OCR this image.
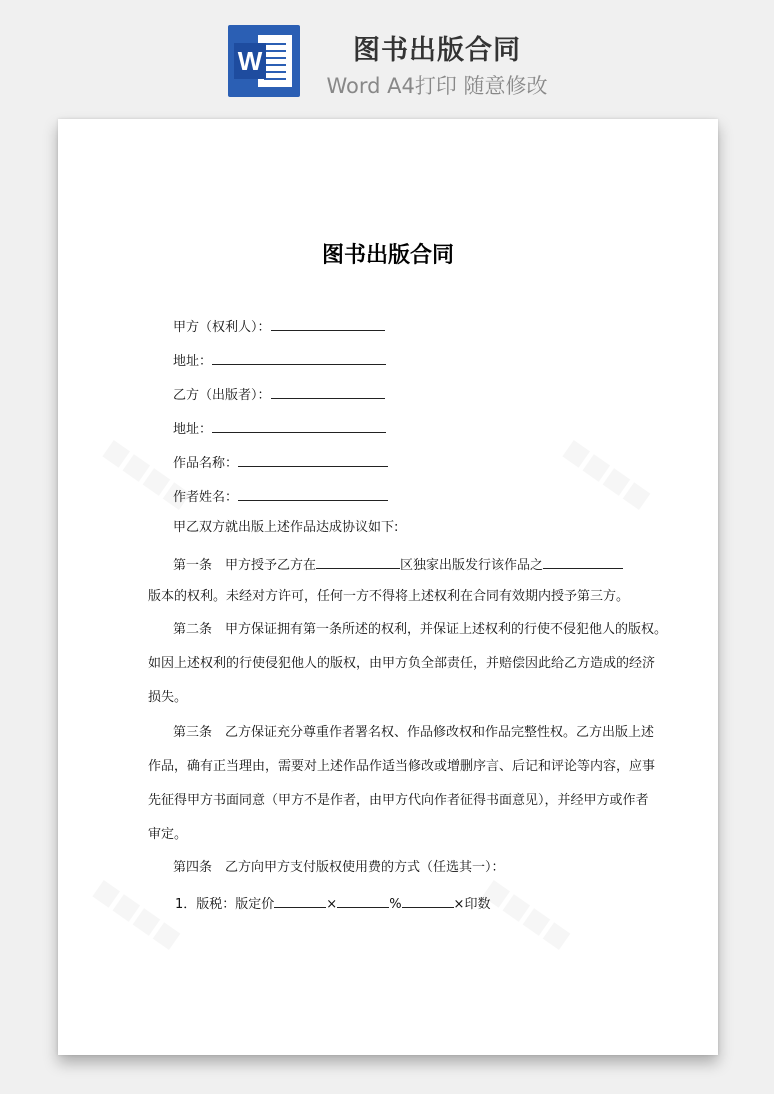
W	图书出版合同
Word A4打印 随意修改
图书出版合同
甲方（权利人）：
地址：
乙方（出版者）：
地址：
作品名称：
作者姓名：
甲乙双方就出版上述作品达成协议如下:
第一条　甲方授予乙方在	区独家出版发行该作品之
版本的权利。未经对方许可，任何一方不得将上述权利在合同有效期内授予第三方。
第二条　甲方保证拥有第一条所述的权利，并保证上述权利的行使不侵犯他人的版权。
如因上述权利的行使侵犯他人的版权，由甲方负全部责任，并赔偿因此给乙方造成的经济
损失。
第三条　乙方保证充分尊重作者署名权、作品修改权和作品完整性权。乙方出版上述
作品，确有正当理由，需要对上述作品作适当修改或增删序言、后记和评论等内容，应事
先征得甲方书面同意（甲方不是作者，由甲方代向作者征得书面意见），并经甲方或作者
审定。
第四条　乙方向甲方支付版权使用费的方式（任选其一）：
1．版税：版定价	×	%	×印数
